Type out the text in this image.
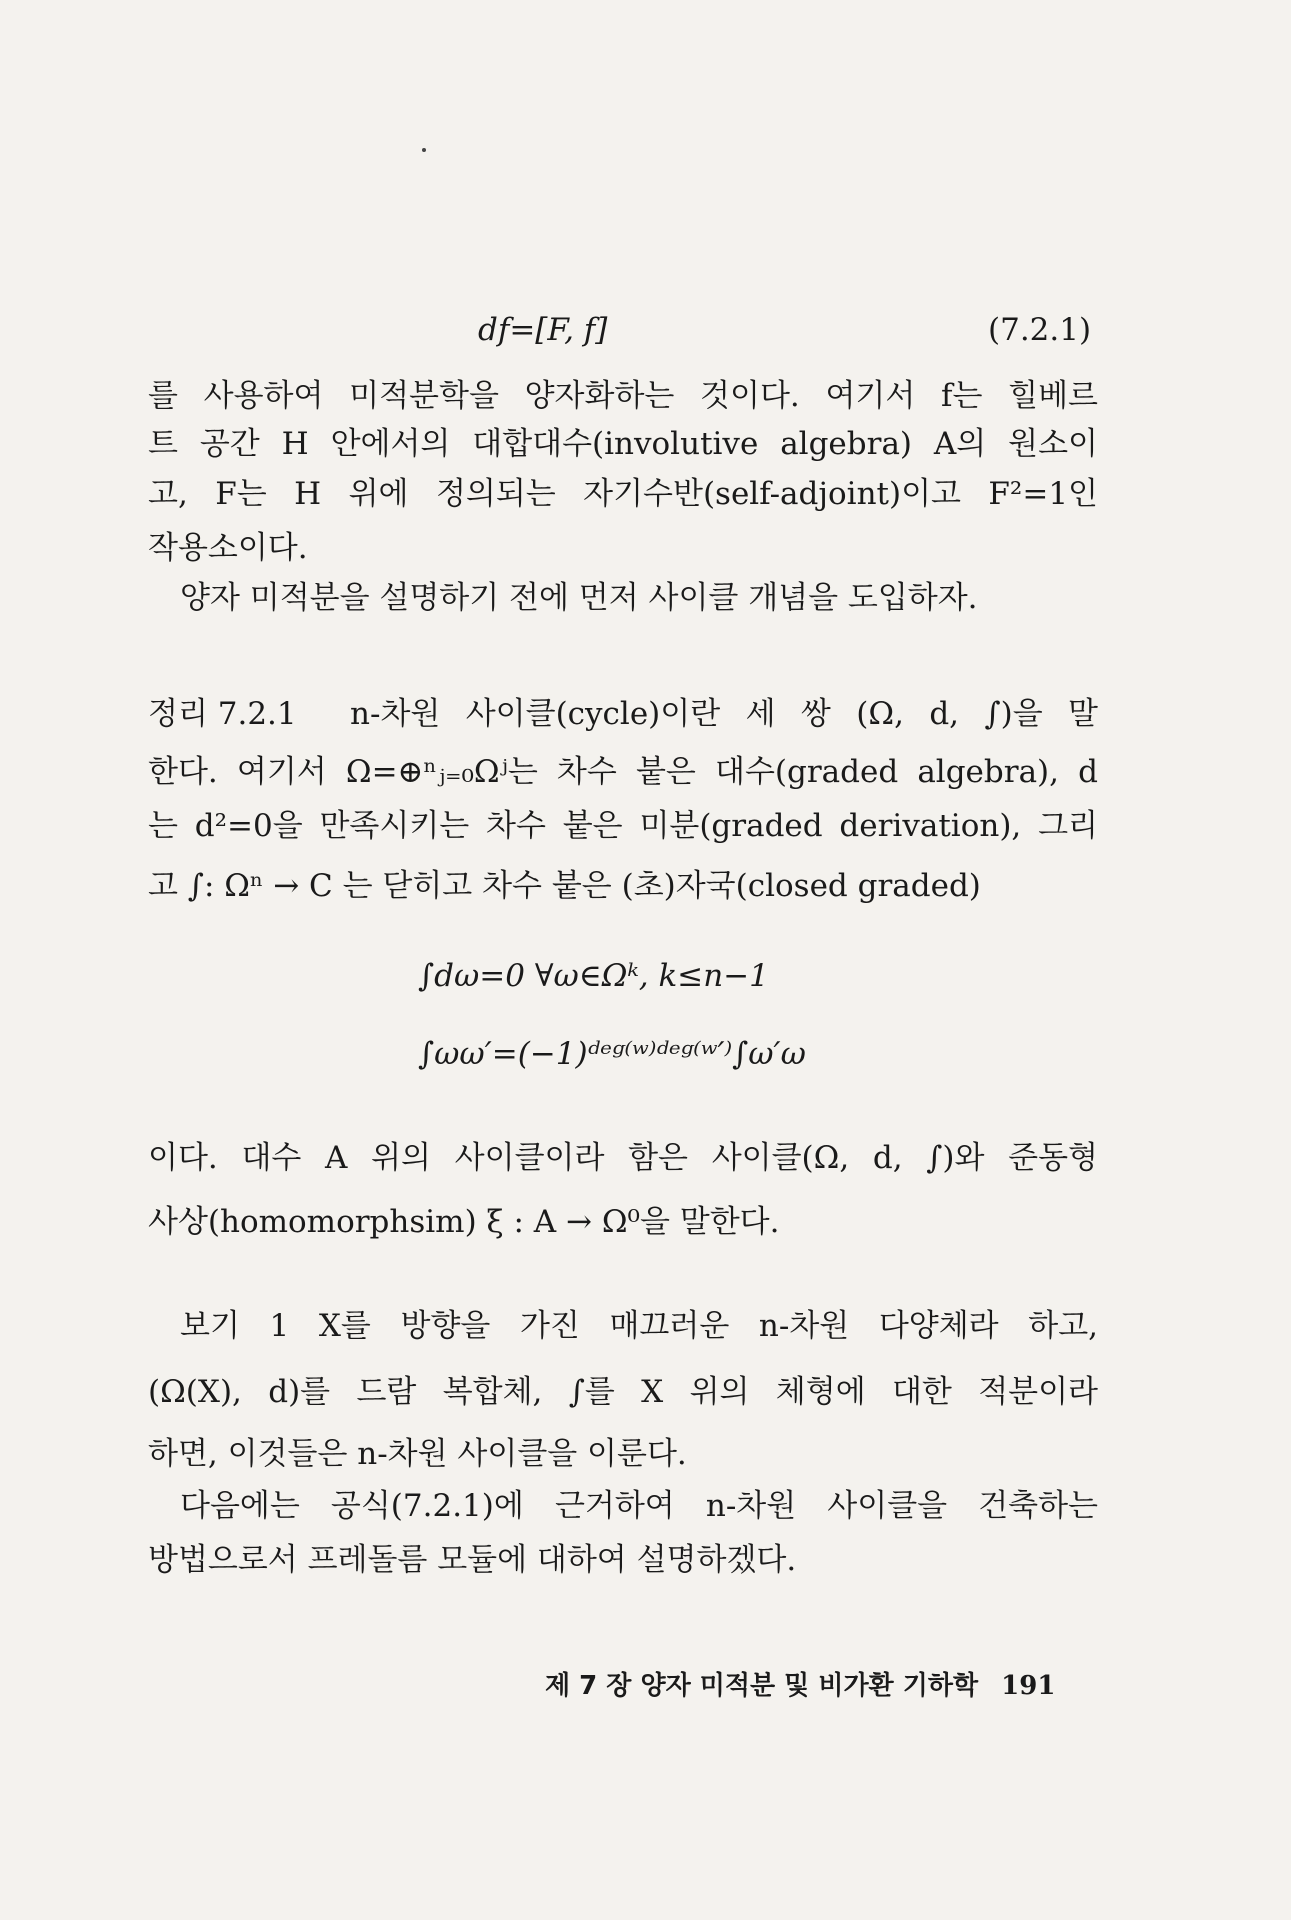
df=[F, f]	(7.2.1)
를 사용하여 미적분학을 양자화하는 것이다. 여기서 f는 힐베르
트 공간 H 안에서의 대합대수(involutive algebra) A의 원소이
고, F는 H 위에 정의되는 자기수반(self-adjoint)이고 F²=1인
작용소이다.
양자 미적분을 설명하기 전에 먼저 사이클 개념을 도입하자.
정리 7.2.1	n-차원 사이클(cycle)이란 세 쌍 (Ω, d, ∫)을 말
한다. 여기서 Ω=⊕ⁿⱼ₌₀Ωʲ는 차수 붙은 대수(graded algebra), d
는 d²=0을 만족시키는 차수 붙은 미분(graded derivation), 그리
고 ∫: Ωⁿ → C 는 닫히고 차수 붙은 (초)자국(closed graded)
∫dω=0 ∀ω∈Ωᵏ, k≤n−1
∫ωω′=(−1)ᵈᵉᵍ⁽ʷ⁾ᵈᵉᵍ⁽ʷ′⁾∫ω′ω
이다. 대수 A 위의 사이클이라 함은 사이클(Ω, d, ∫)와 준동형
사상(homomorphsim) ξ : A → Ω⁰을 말한다.
보기 1 X를 방향을 가진 매끄러운 n-차원 다양체라 하고,
(Ω(X), d)를 드람 복합체, ∫를 X 위의 체형에 대한 적분이라
하면, 이것들은 n-차원 사이클을 이룬다.
다음에는 공식(7.2.1)에 근거하여 n-차원 사이클을 건축하는
방법으로서 프레돌름 모듈에 대하여 설명하겠다.
제 7 장 양자 미적분 및 비가환 기하학 191
